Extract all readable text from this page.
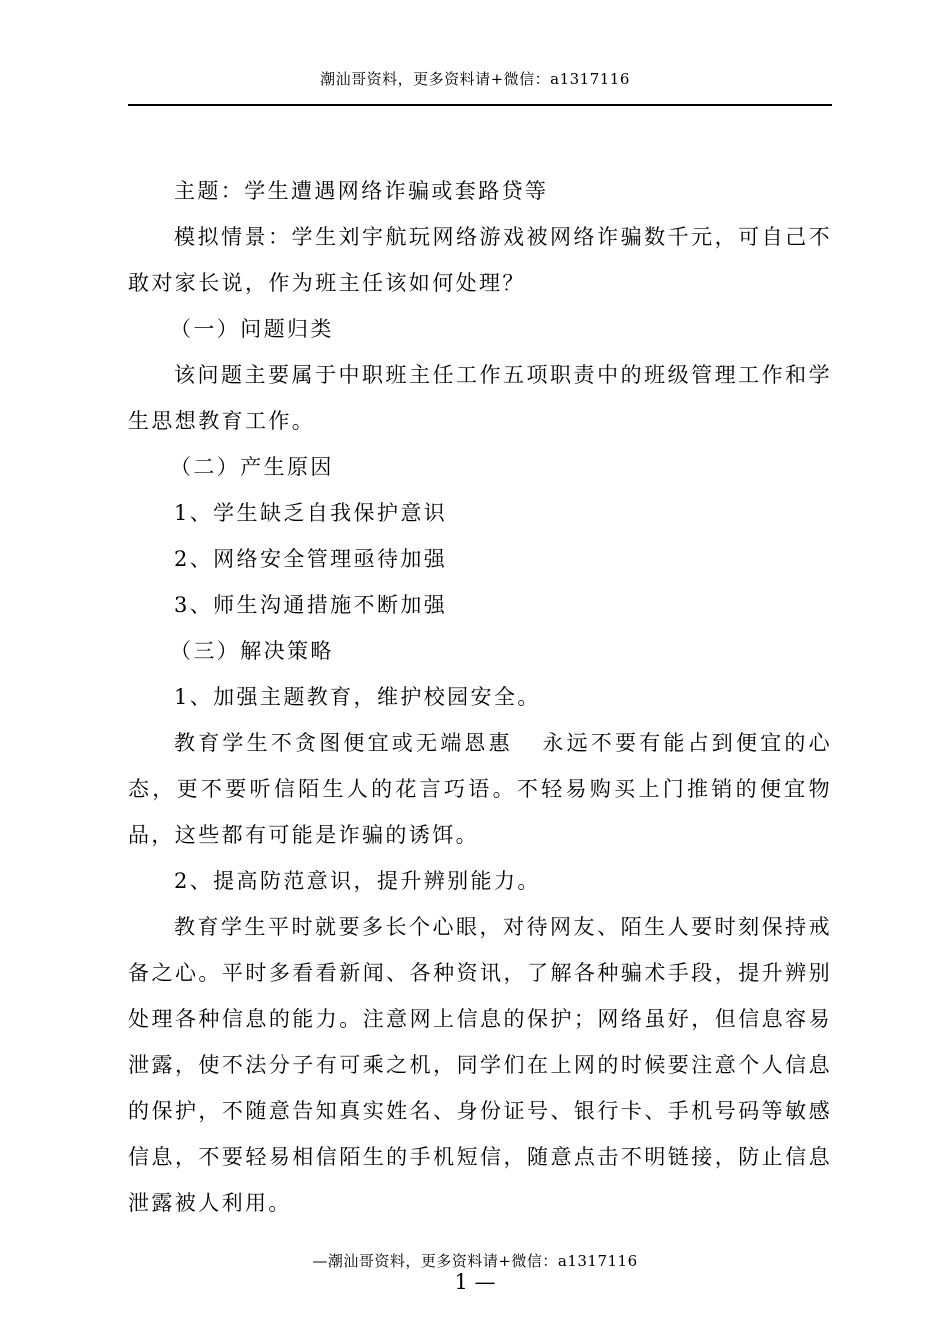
潮汕哥资料，更多资料请+微信：a1317116

主题：学生遭遇网络诈骗或套路贷等

模拟情景：学生刘宇航玩网络游戏被网络诈骗数千元，可自己不敢对家长说，作为班主任该如何处理？

（一）问题归类

该问题主要属于中职班主任工作五项职责中的班级管理工作和学生思想教育工作。

（二）产生原因

1、学生缺乏自我保护意识

2、网络安全管理亟待加强

3、师生沟通措施不断加强

（三）解决策略

1、加强主题教育，维护校园安全。

教育学生不贪图便宜或无端恩惠   永远不要有能占到便宜的心态，更不要听信陌生人的花言巧语。不轻易购买上门推销的便宜物品，这些都有可能是诈骗的诱饵。

2、提高防范意识，提升辨别能力。

教育学生平时就要多长个心眼，对待网友、陌生人要时刻保持戒备之心。平时多看看新闻、各种资讯，了解各种骗术手段，提升辨别处理各种信息的能力。注意网上信息的保护；网络虽好，但信息容易泄露，使不法分子有可乘之机，同学们在上网的时候要注意个人信息的保护，不随意告知真实姓名、身份证号、银行卡、手机号码等敏感信息，不要轻易相信陌生的手机短信，随意点击不明链接，防止信息泄露被人利用。

—潮汕哥资料，更多资料请+微信：a1317116
1 —
